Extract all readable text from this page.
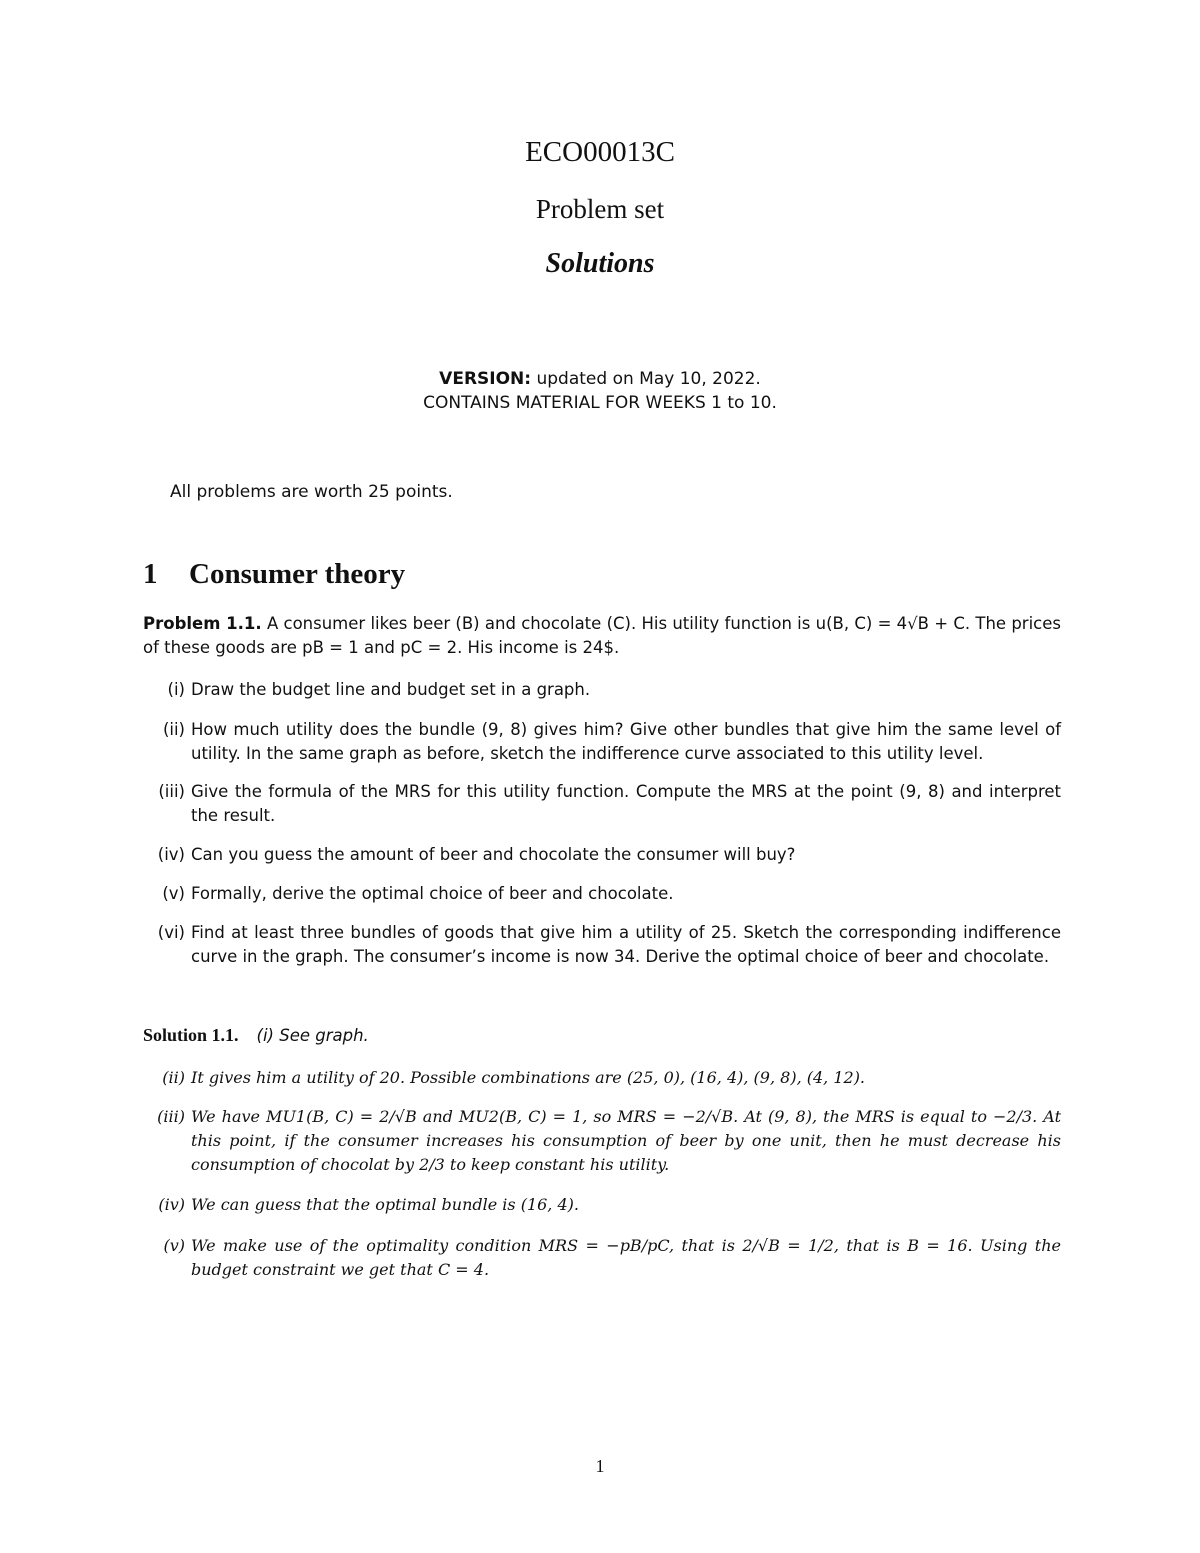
ECO00013C
Problem set
Solutions
VERSION: updated on May 10, 2022.
CONTAINS MATERIAL FOR WEEKS 1 to 10.
All problems are worth 25 points.
1 Consumer theory
Problem 1.1. A consumer likes beer (B) and chocolate (C). His utility function is u(B, C) = 4√B + C. The prices of these goods are pB = 1 and pC = 2. His income is 24$.
(i) Draw the budget line and budget set in a graph.
(ii) How much utility does the bundle (9, 8) gives him? Give other bundles that give him the same level of utility. In the same graph as before, sketch the indifference curve associated to this utility level.
(iii) Give the formula of the MRS for this utility function. Compute the MRS at the point (9, 8) and interpret the result.
(iv) Can you guess the amount of beer and chocolate the consumer will buy?
(v) Formally, derive the optimal choice of beer and chocolate.
(vi) Find at least three bundles of goods that give him a utility of 25. Sketch the corresponding indifference curve in the graph. The consumer’s income is now 34. Derive the optimal choice of beer and chocolate.
Solution 1.1. (i) See graph.
(ii) It gives him a utility of 20. Possible combinations are (25, 0), (16, 4), (9, 8), (4, 12).
(iii) We have MU1(B, C) = 2/√B and MU2(B, C) = 1, so MRS = −2/√B. At (9, 8), the MRS is equal to −2/3. At this point, if the consumer increases his consumption of beer by one unit, then he must decrease his consumption of chocolat by 2/3 to keep constant his utility.
(iv) We can guess that the optimal bundle is (16, 4).
(v) We make use of the optimality condition MRS = −pB/pC, that is 2/√B = 1/2, that is B = 16. Using the budget constraint we get that C = 4.
1
